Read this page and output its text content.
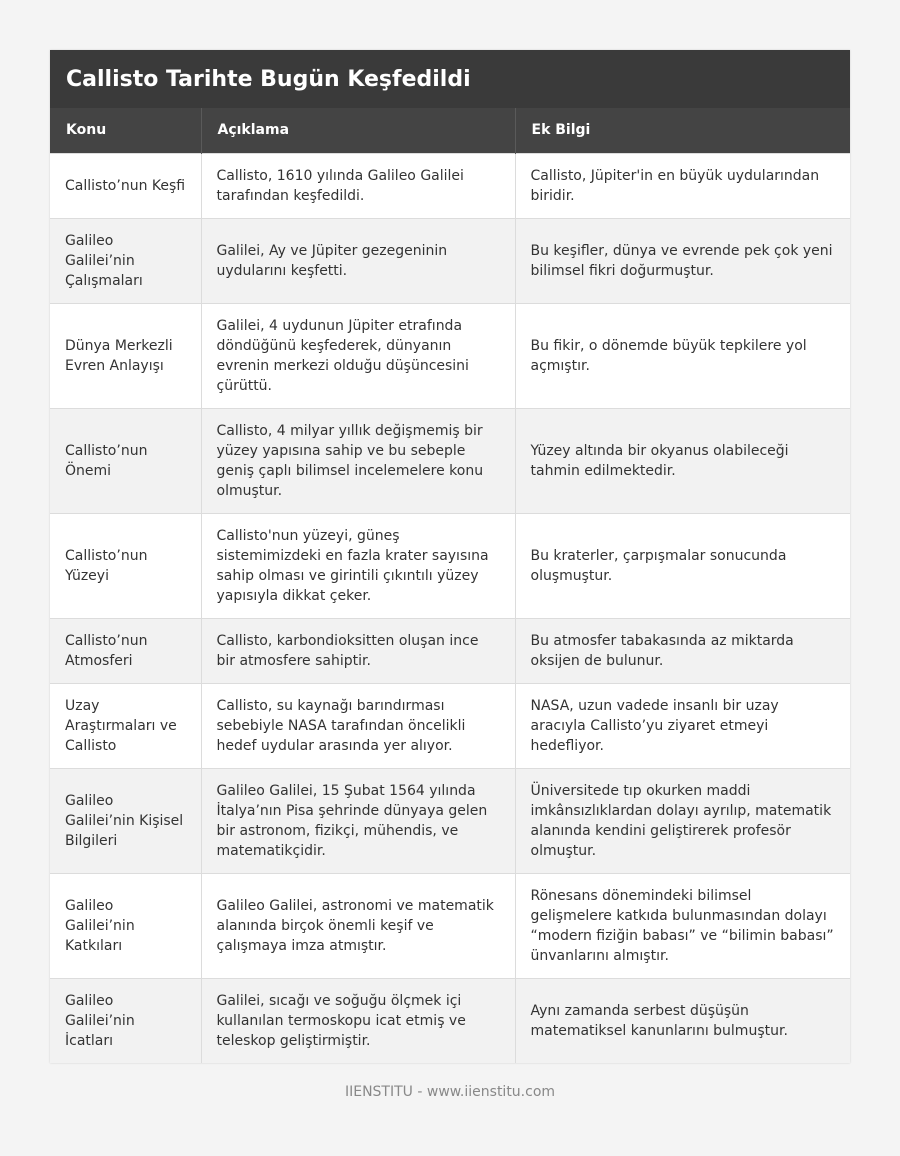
Callisto Tarihte Bugün Keşfedildi
Konu	Açıklama	Ek Bilgi
Callisto’nun Keşfi	Callisto, 1610 yılında Galileo Galilei tarafından keşfedildi.	Callisto, Jüpiter'in en büyük uydularından biridir.
Galileo Galilei’nin Çalışmaları	Galilei, Ay ve Jüpiter gezegeninin uydularını keşfetti.	Bu keşifler, dünya ve evrende pek çok yeni bilimsel fikri doğurmuştur.
Dünya Merkezli Evren Anlayışı	Galilei, 4 uydunun Jüpiter etrafında döndüğünü keşfederek, dünyanın evrenin merkezi olduğu düşüncesini çürüttü.	Bu fikir, o dönemde büyük tepkilere yol açmıştır.
Callisto’nun Önemi	Callisto, 4 milyar yıllık değişmemiş bir yüzey yapısına sahip ve bu sebeple geniş çaplı bilimsel incelemelere konu olmuştur.	Yüzey altında bir okyanus olabileceği tahmin edilmektedir.
Callisto’nun Yüzeyi	Callisto'nun yüzeyi, güneş sistemimizdeki en fazla krater sayısına sahip olması ve girintili çıkıntılı yüzey yapısıyla dikkat çeker.	Bu kraterler, çarpışmalar sonucunda oluşmuştur.
Callisto’nun Atmosferi	Callisto, karbondioksitten oluşan ince bir atmosfere sahiptir.	Bu atmosfer tabakasında az miktarda oksijen de bulunur.
Uzay Araştırmaları ve Callisto	Callisto, su kaynağı barındırması sebebiyle NASA tarafından öncelikli hedef uydular arasında yer alıyor.	NASA, uzun vadede insanlı bir uzay aracıyla Callisto’yu ziyaret etmeyi hedefliyor.
Galileo Galilei’nin Kişisel Bilgileri	Galileo Galilei, 15 Şubat 1564 yılında İtalya’nın Pisa şehrinde dünyaya gelen bir astronom, fizikçi, mühendis, ve matematikçidir.	Üniversitede tıp okurken maddi imkânsızlıklardan dolayı ayrılıp, matematik alanında kendini geliştirerek profesör olmuştur.
Galileo Galilei’nin Katkıları	Galileo Galilei, astronomi ve matematik alanında birçok önemli keşif ve çalışmaya imza atmıştır.	Rönesans dönemindeki bilimsel gelişmelere katkıda bulunmasından dolayı “modern fiziğin babası” ve “bilimin babası” ünvanlarını almıştır.
Galileo Galilei’nin İcatları	Galilei, sıcağı ve soğuğu ölçmek içi kullanılan termoskopu icat etmiş ve teleskop geliştirmiştir.	Aynı zamanda serbest düşüşün matematiksel kanunlarını bulmuştur.
IIENSTITU - www.iienstitu.com
